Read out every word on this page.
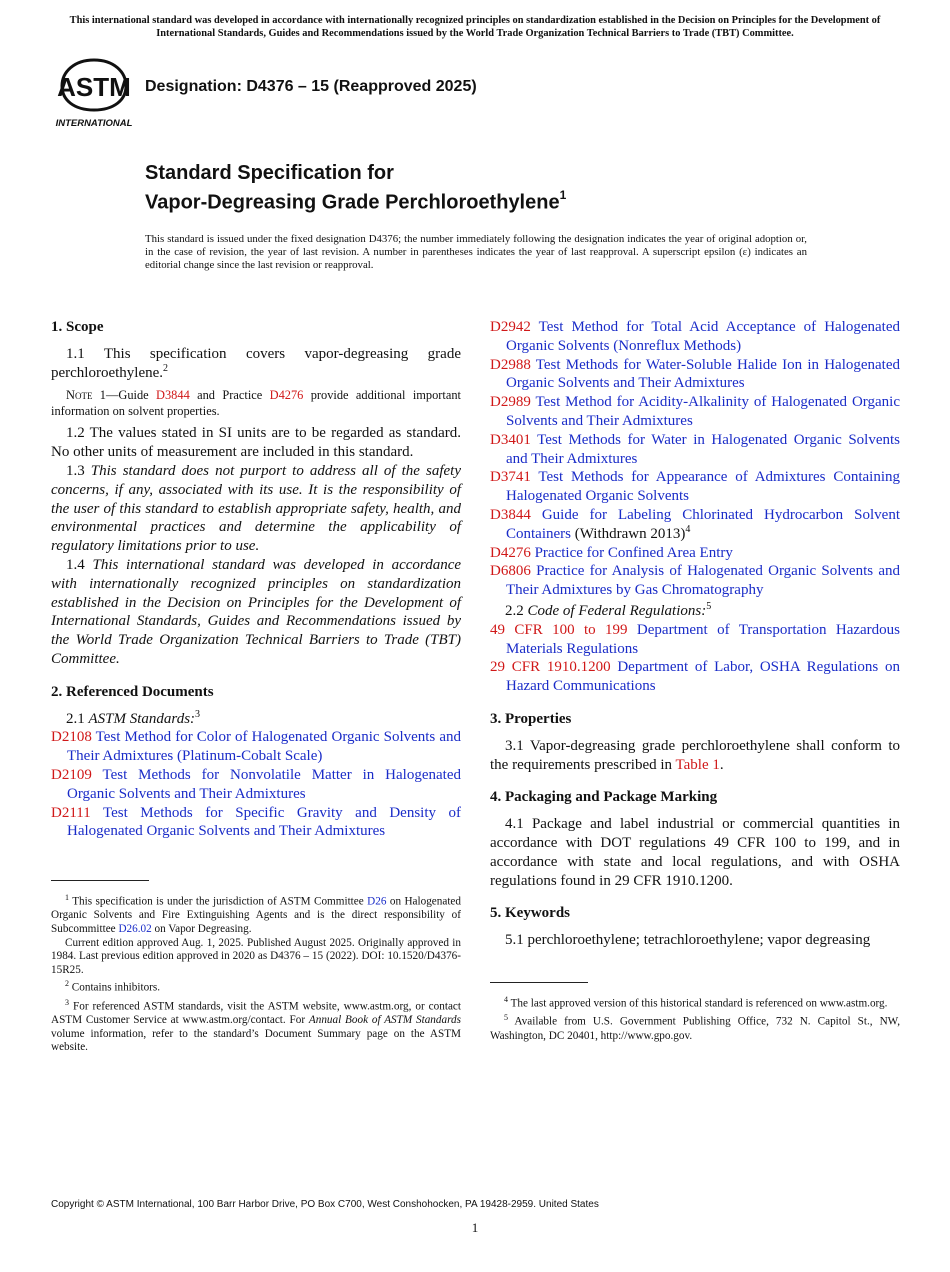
This international standard was developed in accordance with internationally recognized principles on standardization established in the Decision on Principles for the Development of International Standards, Guides and Recommendations issued by the World Trade Organization Technical Barriers to Trade (TBT) Committee.
ASTM
INTERNATIONAL
Designation: D4376 – 15 (Reapproved 2025)
Standard Specification for
Vapor-Degreasing Grade Perchloroethylene$^1$
This standard is issued under the fixed designation D4376; the number immediately following the designation indicates the year of original adoption or, in the case of revision, the year of last revision. A number in parentheses indicates the year of last reapproval. A superscript epsilon (ε) indicates an editorial change since the last revision or reapproval.
1. Scope

1.1 This specification covers vapor-degreasing grade perchloroethylene.$^2$

Note 1—Guide D3844 and Practice D4276 provide additional important information on solvent properties.

1.2 The values stated in SI units are to be regarded as standard. No other units of measurement are included in this standard.

1.3 This standard does not purport to address all of the safety concerns, if any, associated with its use. It is the responsibility of the user of this standard to establish appropriate safety, health, and environmental practices and determine the applicability of regulatory limitations prior to use.

1.4 This international standard was developed in accordance with internationally recognized principles on standardization established in the Decision on Principles for the Development of International Standards, Guides and Recommendations issued by the World Trade Organization Technical Barriers to Trade (TBT) Committee.

2. Referenced Documents

2.1 ASTM Standards:$^3$

D2108 Test Method for Color of Halogenated Organic Solvents and Their Admixtures (Platinum-Cobalt Scale)
D2109 Test Methods for Nonvolatile Matter in Halogenated Organic Solvents and Their Admixtures
D2111 Test Methods for Specific Gravity and Density of Halogenated Organic Solvents and Their Admixtures

$^1$ This specification is under the jurisdiction of ASTM Committee D26 on Halogenated Organic Solvents and Fire Extinguishing Agents and is the direct responsibility of Subcommittee D26.02 on Vapor Degreasing.

Current edition approved Aug. 1, 2025. Published August 2025. Originally approved in 1984. Last previous edition approved in 2020 as D4376 – 15 (2022). DOI: 10.1520/D4376-15R25.

$^2$ Contains inhibitors.

$^3$ For referenced ASTM standards, visit the ASTM website, www.astm.org, or contact ASTM Customer Service at www.astm.org/contact. For Annual Book of ASTM Standards volume information, refer to the standard’s Document Summary page on the ASTM website.

D2942 Test Method for Total Acid Acceptance of Halogenated Organic Solvents (Nonreflux Methods)
D2988 Test Methods for Water-Soluble Halide Ion in Halogenated Organic Solvents and Their Admixtures
D2989 Test Method for Acidity-Alkalinity of Halogenated Organic Solvents and Their Admixtures
D3401 Test Methods for Water in Halogenated Organic Solvents and Their Admixtures
D3741 Test Methods for Appearance of Admixtures Containing Halogenated Organic Solvents
D3844 Guide for Labeling Chlorinated Hydrocarbon Solvent Containers (Withdrawn 2013)$^4$
D4276 Practice for Confined Area Entry
D6806 Practice for Analysis of Halogenated Organic Solvents and Their Admixtures by Gas Chromatography

2.2 Code of Federal Regulations:$^5$

49 CFR 100 to 199 Department of Transportation Hazardous Materials Regulations
29 CFR 1910.1200 Department of Labor, OSHA Regulations on Hazard Communications
3. Properties

3.1 Vapor-degreasing grade perchloroethylene shall conform to the requirements prescribed in Table 1.

4. Packaging and Package Marking

4.1 Package and label industrial or commercial quantities in accordance with DOT regulations 49 CFR 100 to 199, and in accordance with state and local regulations, and with OSHA regulations found in 29 CFR 1910.1200.

5. Keywords

5.1 perchloroethylene; tetrachloroethylene; vapor degreasing

$^4$ The last approved version of this historical standard is referenced on www.astm.org.

$^5$ Available from U.S. Government Publishing Office, 732 N. Capitol St., NW, Washington, DC 20401, http://www.gpo.gov.

Copyright © ASTM International, 100 Barr Harbor Drive, PO Box C700, West Conshohocken, PA 19428-2959. United States
1
